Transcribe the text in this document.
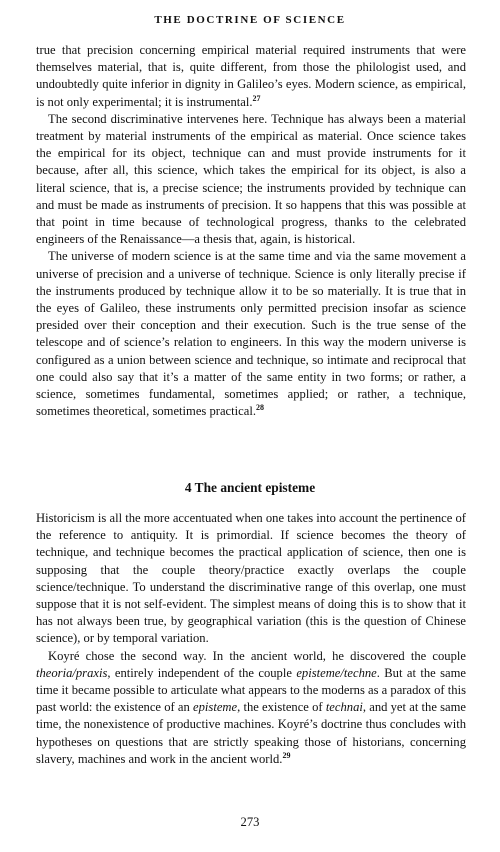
THE DOCTRINE OF SCIENCE

true that precision concerning empirical material required instruments that were themselves material, that is, quite different, from those the philologist used, and undoubtedly quite inferior in dignity in Galileo’s eyes. Modern science, as empirical, is not only experimental; it is instrumental.$^{27}$

The second discriminative intervenes here. Technique has always been a material treatment by material instruments of the empirical as material. Once science takes the empirical for its object, technique can and must provide instruments for it because, after all, this science, which takes the empirical for its object, is also a literal science, that is, a precise science; the instruments provided by technique can and must be made as instruments of precision. It so happens that this was possible at that point in time because of technological progress, thanks to the celebrated engineers of the Renaissance—a thesis that, again, is historical.

The universe of modern science is at the same time and via the same movement a universe of precision and a universe of technique. Science is only literally precise if the instruments produced by technique allow it to be so materially. It is true that in the eyes of Galileo, these instruments only permitted precision insofar as science presided over their conception and their execution. Such is the true sense of the telescope and of science’s relation to engineers. In this way the modern universe is configured as a union between science and technique, so intimate and reciprocal that one could also say that it’s a matter of the same entity in two forms; or rather, a science, sometimes fundamental, sometimes applied; or rather, a technique, sometimes theoretical, sometimes practical.$^{28}$

4 The ancient episteme

Historicism is all the more accentuated when one takes into account the pertinence of the reference to antiquity. It is primordial. If science becomes the theory of technique, and technique becomes the practical application of science, then one is supposing that the couple theory/practice exactly overlaps the couple science/technique. To understand the discriminative range of this overlap, one must suppose that it is not self-evident. The simplest means of doing this is to show that it has not always been true, by geographical variation (this is the question of Chinese science), or by temporal variation.

Koyré chose the second way. In the ancient world, he discovered the couple theoria/praxis, entirely independent of the couple episteme/techne. But at the same time it became possible to articulate what appears to the moderns as a paradox of this past world: the existence of an episteme, the existence of technai, and yet at the same time, the nonexistence of productive machines. Koyré’s doctrine thus concludes with hypotheses on questions that are strictly speaking those of historians, concerning slavery, machines and work in the ancient world.$^{29}$

273
